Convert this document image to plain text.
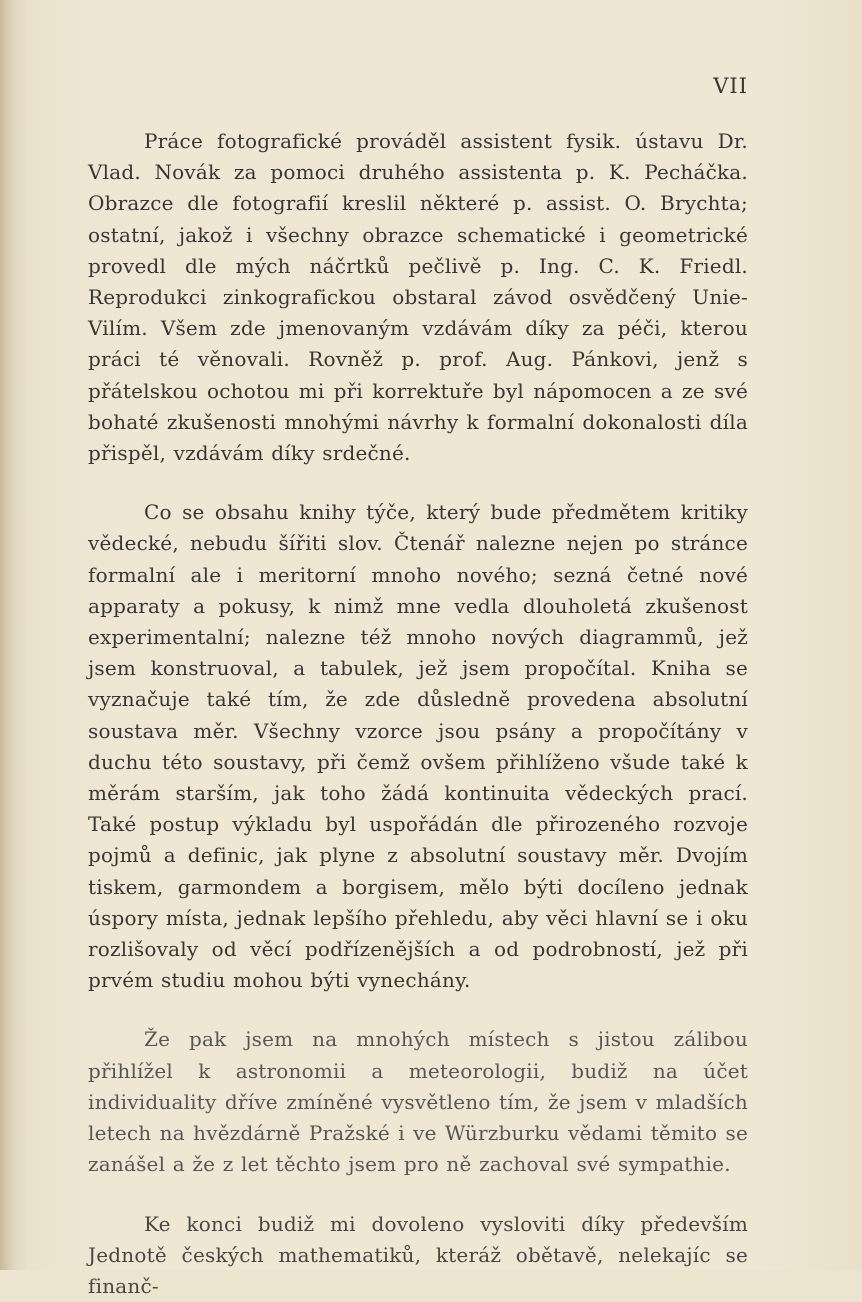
VII

Práce fotografické prováděl assistent fysik. ústavu Dr. Vlad. Novák za pomoci druhého assistenta p. K. Pecháčka. Obrazce dle fotografií kreslil některé p. assist. O. Brychta; ostatní, jakož i všechny obrazce schematické i geometrické provedl dle mých náčrtků pečlivě p. Ing. C. K. Friedl. Reprodukci zinkografickou obstaral závod osvědčený Unie-Vilím. Všem zde jmenovaným vzdávám díky za péči, kterou práci té věnovali. Rovněž p. prof. Aug. Pánkovi, jenž s přátelskou ochotou mi při korrektuře byl nápomocen a ze své bohaté zkušenosti mnohými návrhy k formalní dokonalosti díla přispěl, vzdávám díky srdečné.

Co se obsahu knihy týče, který bude předmětem kritiky vědecké, nebudu šířiti slov. Čtenář nalezne nejen po stránce formalní ale i meritorní mnoho nového; sezná četné nové apparaty a pokusy, k nimž mne vedla dlouholetá zkušenost experimentalní; nalezne též mnoho nových diagrammů, jež jsem konstruoval, a tabulek, jež jsem propočítal. Kniha se vyznačuje také tím, že zde důsledně provedena absolutní soustava měr. Všechny vzorce jsou psány a propočítány v duchu této soustavy, při čemž ovšem přihlíženo všude také k měrám starším, jak toho žádá kontinuita vědeckých prací. Také postup výkladu byl uspořádán dle přirozeného rozvoje pojmů a definic, jak plyne z absolutní soustavy měr. Dvojím tiskem, garmondem a borgisem, mělo býti docíleno jednak úspory místa, jednak lepšího přehledu, aby věci hlavní se i oku rozlišovaly od věcí podřízenějších a od podrobností, jež při prvém studiu mohou býti vynechány.

Že pak jsem na mnohých místech s jistou zálibou přihlížel k astronomii a meteorologii, budiž na účet individuality dříve zmíněné vysvětleno tím, že jsem v mladších letech na hvězdárně Pražské i ve Würzburku vědami těmito se zanášel a že z let těchto jsem pro ně zachoval své sympathie.

Ke konci budiž mi dovoleno vysloviti díky především Jednotě českých mathematiků, kteráž obětavě, nelekajíc se finanč-
